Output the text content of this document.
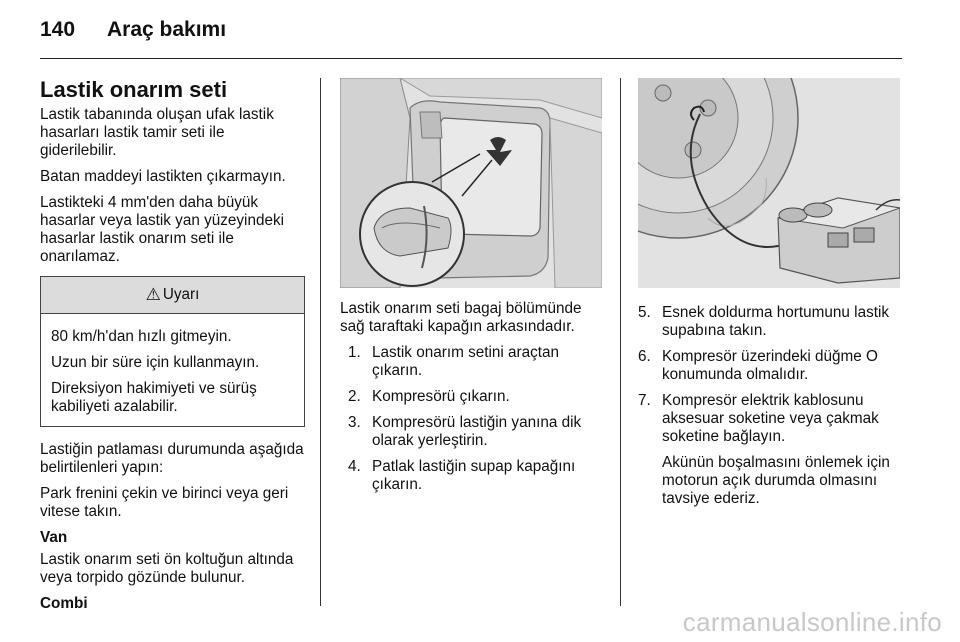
140 Araç bakımı
Lastik onarım seti

Lastik tabanında oluşan ufak lastik hasarları lastik tamir seti ile giderilebilir.

Batan maddeyi lastikten çıkarmayın.

Lastikteki 4 mm'den daha büyük hasarlar veya lastik yan yüzeyindeki hasarlar lastik onarım seti ile onarılamaz.

⚠ Uyarı

80 km/h'dan hızlı gitmeyin.

Uzun bir süre için kullanmayın.

Direksiyon hakimiyeti ve sürüş kabiliyeti azalabilir.

Lastiğin patlaması durumunda aşağıda belirtilenleri yapın:

Park frenini çekin ve birinci veya geri vitese takın.

Van

Lastik onarım seti ön koltuğun altında veya torpido gözünde bulunur.

Combi

Lastik onarım seti bagaj bölümünde sağ taraftaki kapağın arkasındadır.

1. Lastik onarım setini araçtan çıkarın.
2. Kompresörü çıkarın.
3. Kompresörü lastiğin yanına dik olarak yerleştirin.
4. Patlak lastiğin supap kapağını çıkarın.
5. Esnek doldurma hortumunu lastik supabına takın.
6. Kompresör üzerindeki düğme O konumunda olmalıdır.
7. Kompresör elektrik kablosunu aksesuar soketine veya çakmak soketine bağlayın.
Akünün boşalmasını önlemek için motorun açık durumda olmasını tavsiye ederiz.
carmanualsonline.info
